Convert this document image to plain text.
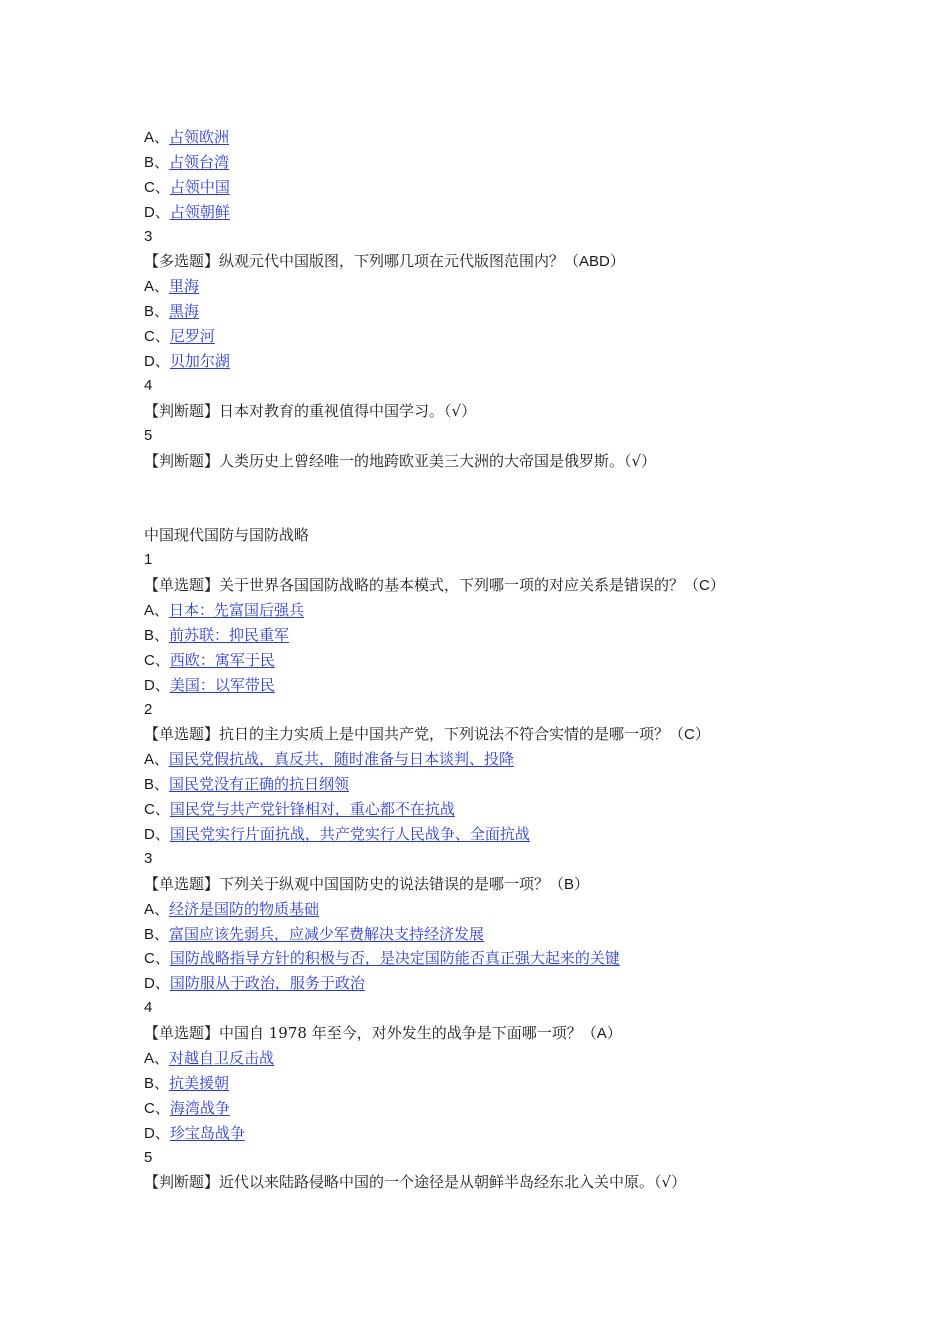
A、占领欧洲
B、占领台湾
C、占领中国
D、占领朝鲜
3
【多选题】纵观元代中国版图，下列哪几项在元代版图范围内？（ABD）
A、里海
B、黑海
C、尼罗河
D、贝加尔湖
4
【判断题】日本对教育的重视值得中国学习。（√）
5
【判断题】人类历史上曾经唯一的地跨欧亚美三大洲的大帝国是俄罗斯。（√）
中国现代国防与国防战略
1
【单选题】关于世界各国国防战略的基本模式，下列哪一项的对应关系是错误的？（C）
A、日本：先富国后强兵
B、前苏联：抑民重军
C、西欧：寓军于民
D、美国：以军带民
2
【单选题】抗日的主力实质上是中国共产党，下列说法不符合实情的是哪一项？（C）
A、国民党假抗战，真反共，随时准备与日本谈判、投降
B、国民党没有正确的抗日纲领
C、国民党与共产党针锋相对，重心都不在抗战
D、国民党实行片面抗战，共产党实行人民战争、全面抗战
3
【单选题】下列关于纵观中国国防史的说法错误的是哪一项？（B）
A、经济是国防的物质基础
B、富国应该先弱兵，应减少军费解决支持经济发展
C、国防战略指导方针的积极与否，是决定国防能否真正强大起来的关键
D、国防服从于政治，服务于政治
4
【单选题】中国自 1978 年至今，对外发生的战争是下面哪一项？（A）
A、对越自卫反击战
B、抗美援朝
C、海湾战争
D、珍宝岛战争
5
【判断题】近代以来陆路侵略中国的一个途径是从朝鲜半岛经东北入关中原。（√）
